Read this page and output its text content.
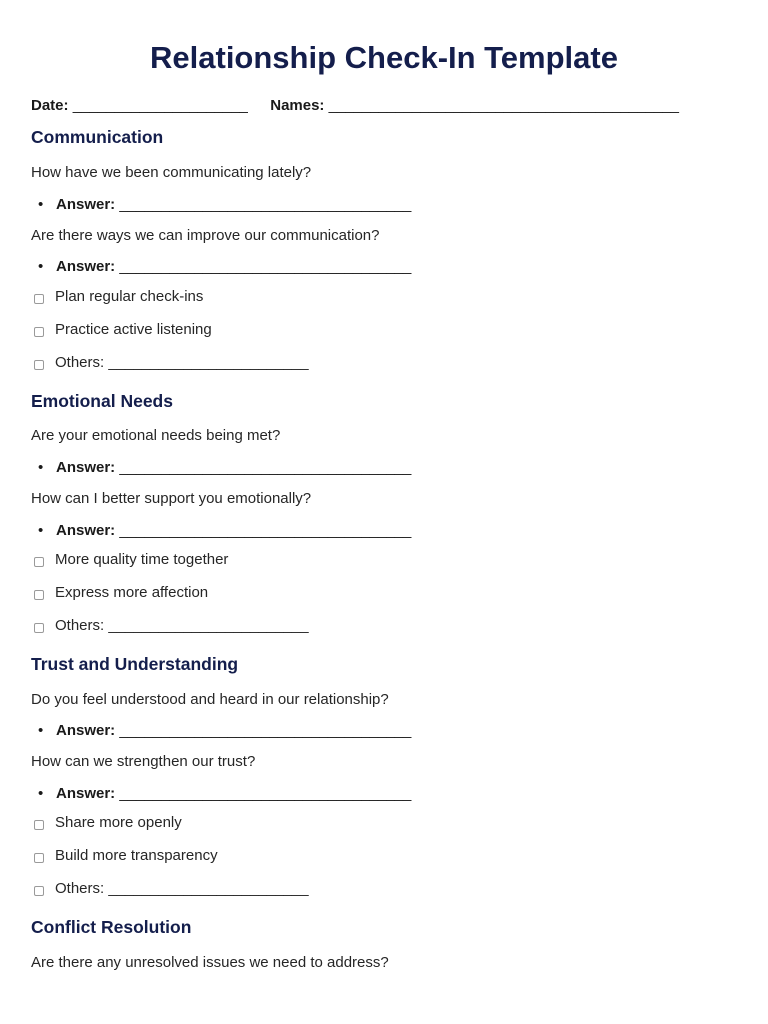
Relationship Check-In Template
Date: _____________________ Names: __________________________________________
Communication
How have we been communicating lately?
• Answer: ___________________________________
Are there ways we can improve our communication?
• Answer: ___________________________________
Plan regular check-ins
Practice active listening
Others:
________________________
Emotional Needs
Are your emotional needs being met?
• Answer: ___________________________________
How can I better support you emotionally?
• Answer: ___________________________________
More quality time together
Express more affection
Others:
________________________
Trust and Understanding
Do you feel understood and heard in our relationship?
• Answer: ___________________________________
How can we strengthen our trust?
• Answer: ___________________________________
Share more openly
Build more transparency
Others:
________________________
Conflict Resolution
Are there any unresolved issues we need to address?
